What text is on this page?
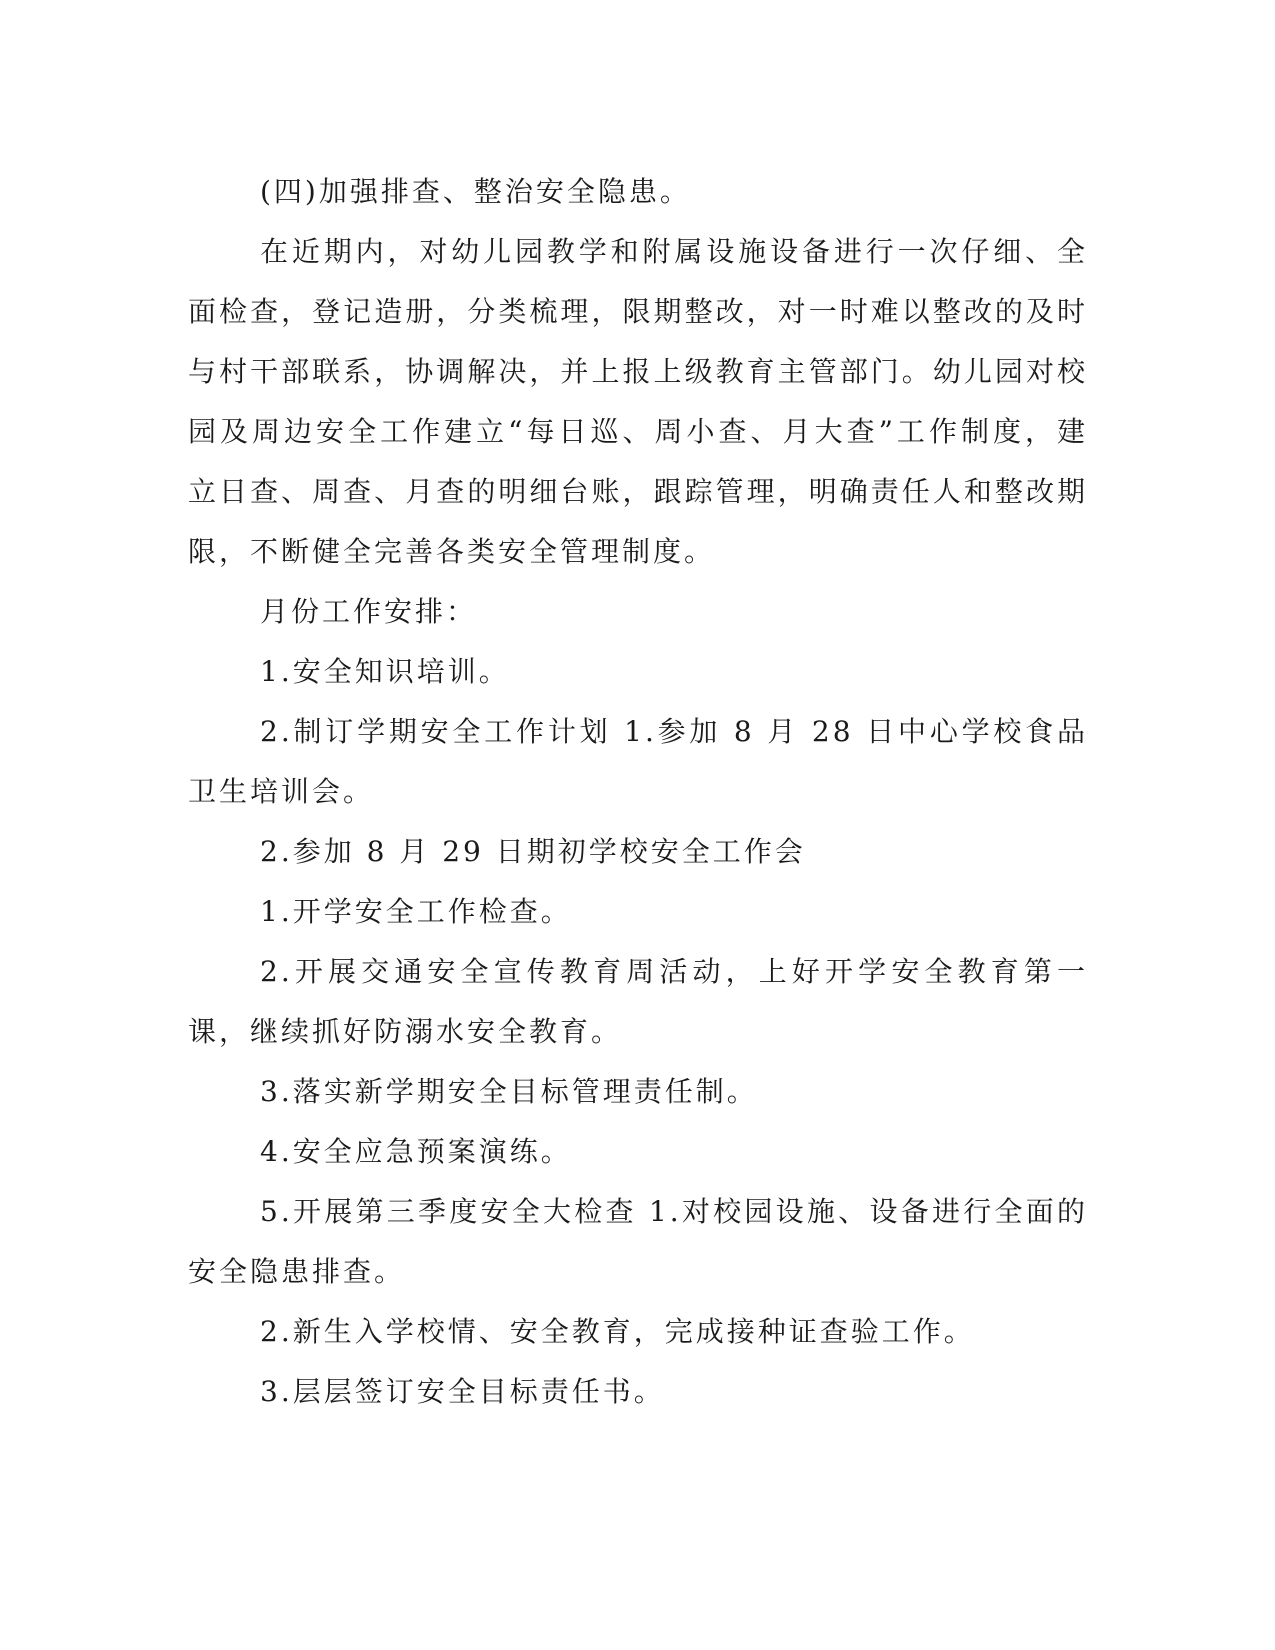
(四)加强排查、整治安全隐患。

在近期内，对幼儿园教学和附属设施设备进行一次仔细、全面检查，登记造册，分类梳理，限期整改，对一时难以整改的及时与村干部联系，协调解决，并上报上级教育主管部门。幼儿园对校园及周边安全工作建立“每日巡、周小查、月大查”工作制度，建立日查、周查、月查的明细台账，跟踪管理，明确责任人和整改期限，不断健全完善各类安全管理制度。

月份工作安排：

1.安全知识培训。

2.制订学期安全工作计划 1.参加 8 月 28 日中心学校食品卫生培训会。

2.参加 8 月 29 日期初学校安全工作会

1.开学安全工作检查。

2.开展交通安全宣传教育周活动，上好开学安全教育第一课，继续抓好防溺水安全教育。

3.落实新学期安全目标管理责任制。

4.安全应急预案演练。

5.开展第三季度安全大检查 1.对校园设施、设备进行全面的安全隐患排查。

2.新生入学校情、安全教育，完成接种证查验工作。

3.层层签订安全目标责任书。
